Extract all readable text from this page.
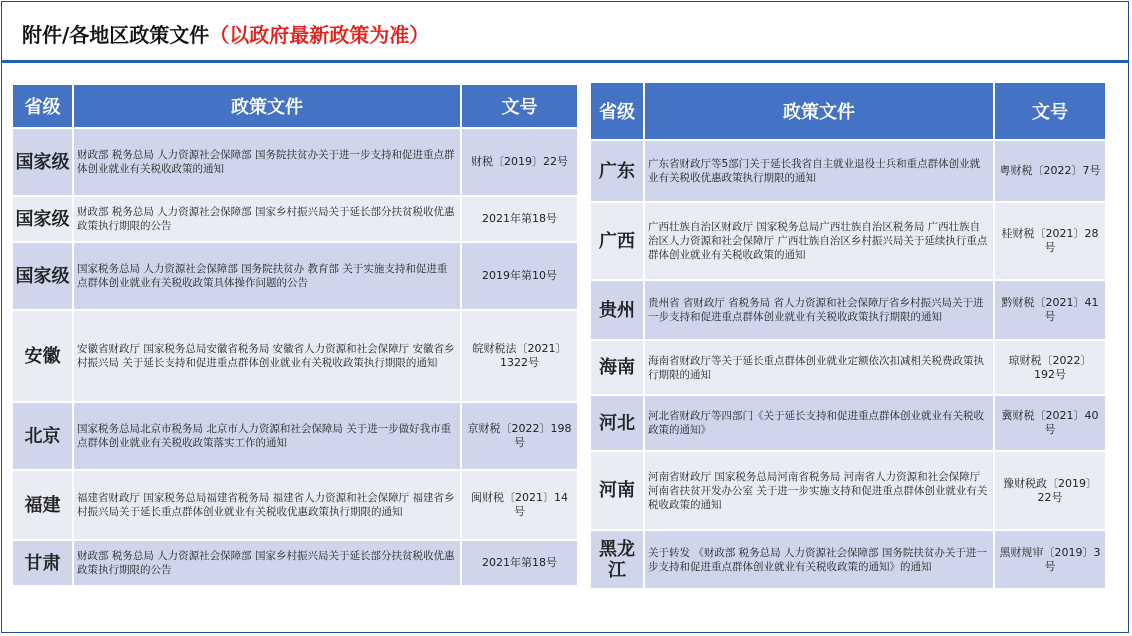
附件/各地区政策文件（以政府最新政策为准）
省级	政策文件	文号
国家级	财政部 税务总局 人力资源社会保障部 国务院扶贫办关于进一步支持和促进重点群体创业就业有关税收政策的通知	财税〔2019〕22号
国家级	财政部 税务总局 人力资源社会保障部 国家乡村振兴局关于延长部分扶贫税收优惠政策执行期限的公告	2021年第18号
国家级	国家税务总局 人力资源社会保障部 国务院扶贫办 教育部 关于实施支持和促进重点群体创业就业有关税收政策具体操作问题的公告	2019年第10号
安徽	安徽省财政厅 国家税务总局安徽省税务局 安徽省人力资源和社会保障厅 安徽省乡村振兴局 关于延长支持和促进重点群体创业就业有关税收政策执行期限的通知	皖财税法〔2021〕1322号
北京	国家税务总局北京市税务局 北京市人力资源和社会保障局 关于进一步做好我市重点群体创业就业有关税收政策落实工作的通知	京财税〔2022〕198号
福建	福建省财政厅 国家税务总局福建省税务局 福建省人力资源和社会保障厅 福建省乡村振兴局关于延长重点群体创业就业有关税收优惠政策执行期限的通知	闽财税〔2021〕14号
甘肃	财政部 税务总局 人力资源社会保障部 国家乡村振兴局关于延长部分扶贫税收优惠政策执行期限的公告	2021年第18号
省级	政策文件	文号
广东	广东省财政厅等5部门关于延长我省自主就业退役士兵和重点群体创业就业有关税收优惠政策执行期限的通知	粤财税〔2022〕7号
广西	广西壮族自治区财政厅 国家税务总局广西壮族自治区税务局 广西壮族自治区人力资源和社会保障厅 广西壮族自治区乡村振兴局关于延续执行重点群体创业就业有关税收政策的通知	桂财税〔2021〕28号
贵州	贵州省 省财政厅 省税务局 省人力资源和社会保障厅省乡村振兴局关于进一步支持和促进重点群体创业就业有关税收政策执行期限的通知	黔财税〔2021〕41号
海南	海南省财政厅等关于延长重点群体创业就业定额依次扣减相关税费政策执行期限的通知	琼财税〔2022〕192号
河北	河北省财政厅等四部门《关于延长支持和促进重点群体创业就业有关税收政策的通知》	冀财税〔2021〕40号
河南	河南省财政厅 国家税务总局河南省税务局 河南省人力资源和社会保障厅 河南省扶贫开发办公室 关于进一步实施支持和促进重点群体创业就业有关税收政策的通知	豫财税政〔2019〕22号
黑龙江	关于转发 《财政部 税务总局 人力资源社会保障部 国务院扶贫办关于进一步支持和促进重点群体创业就业有关税收政策的通知》的通知	黑财规审〔2019〕3号
